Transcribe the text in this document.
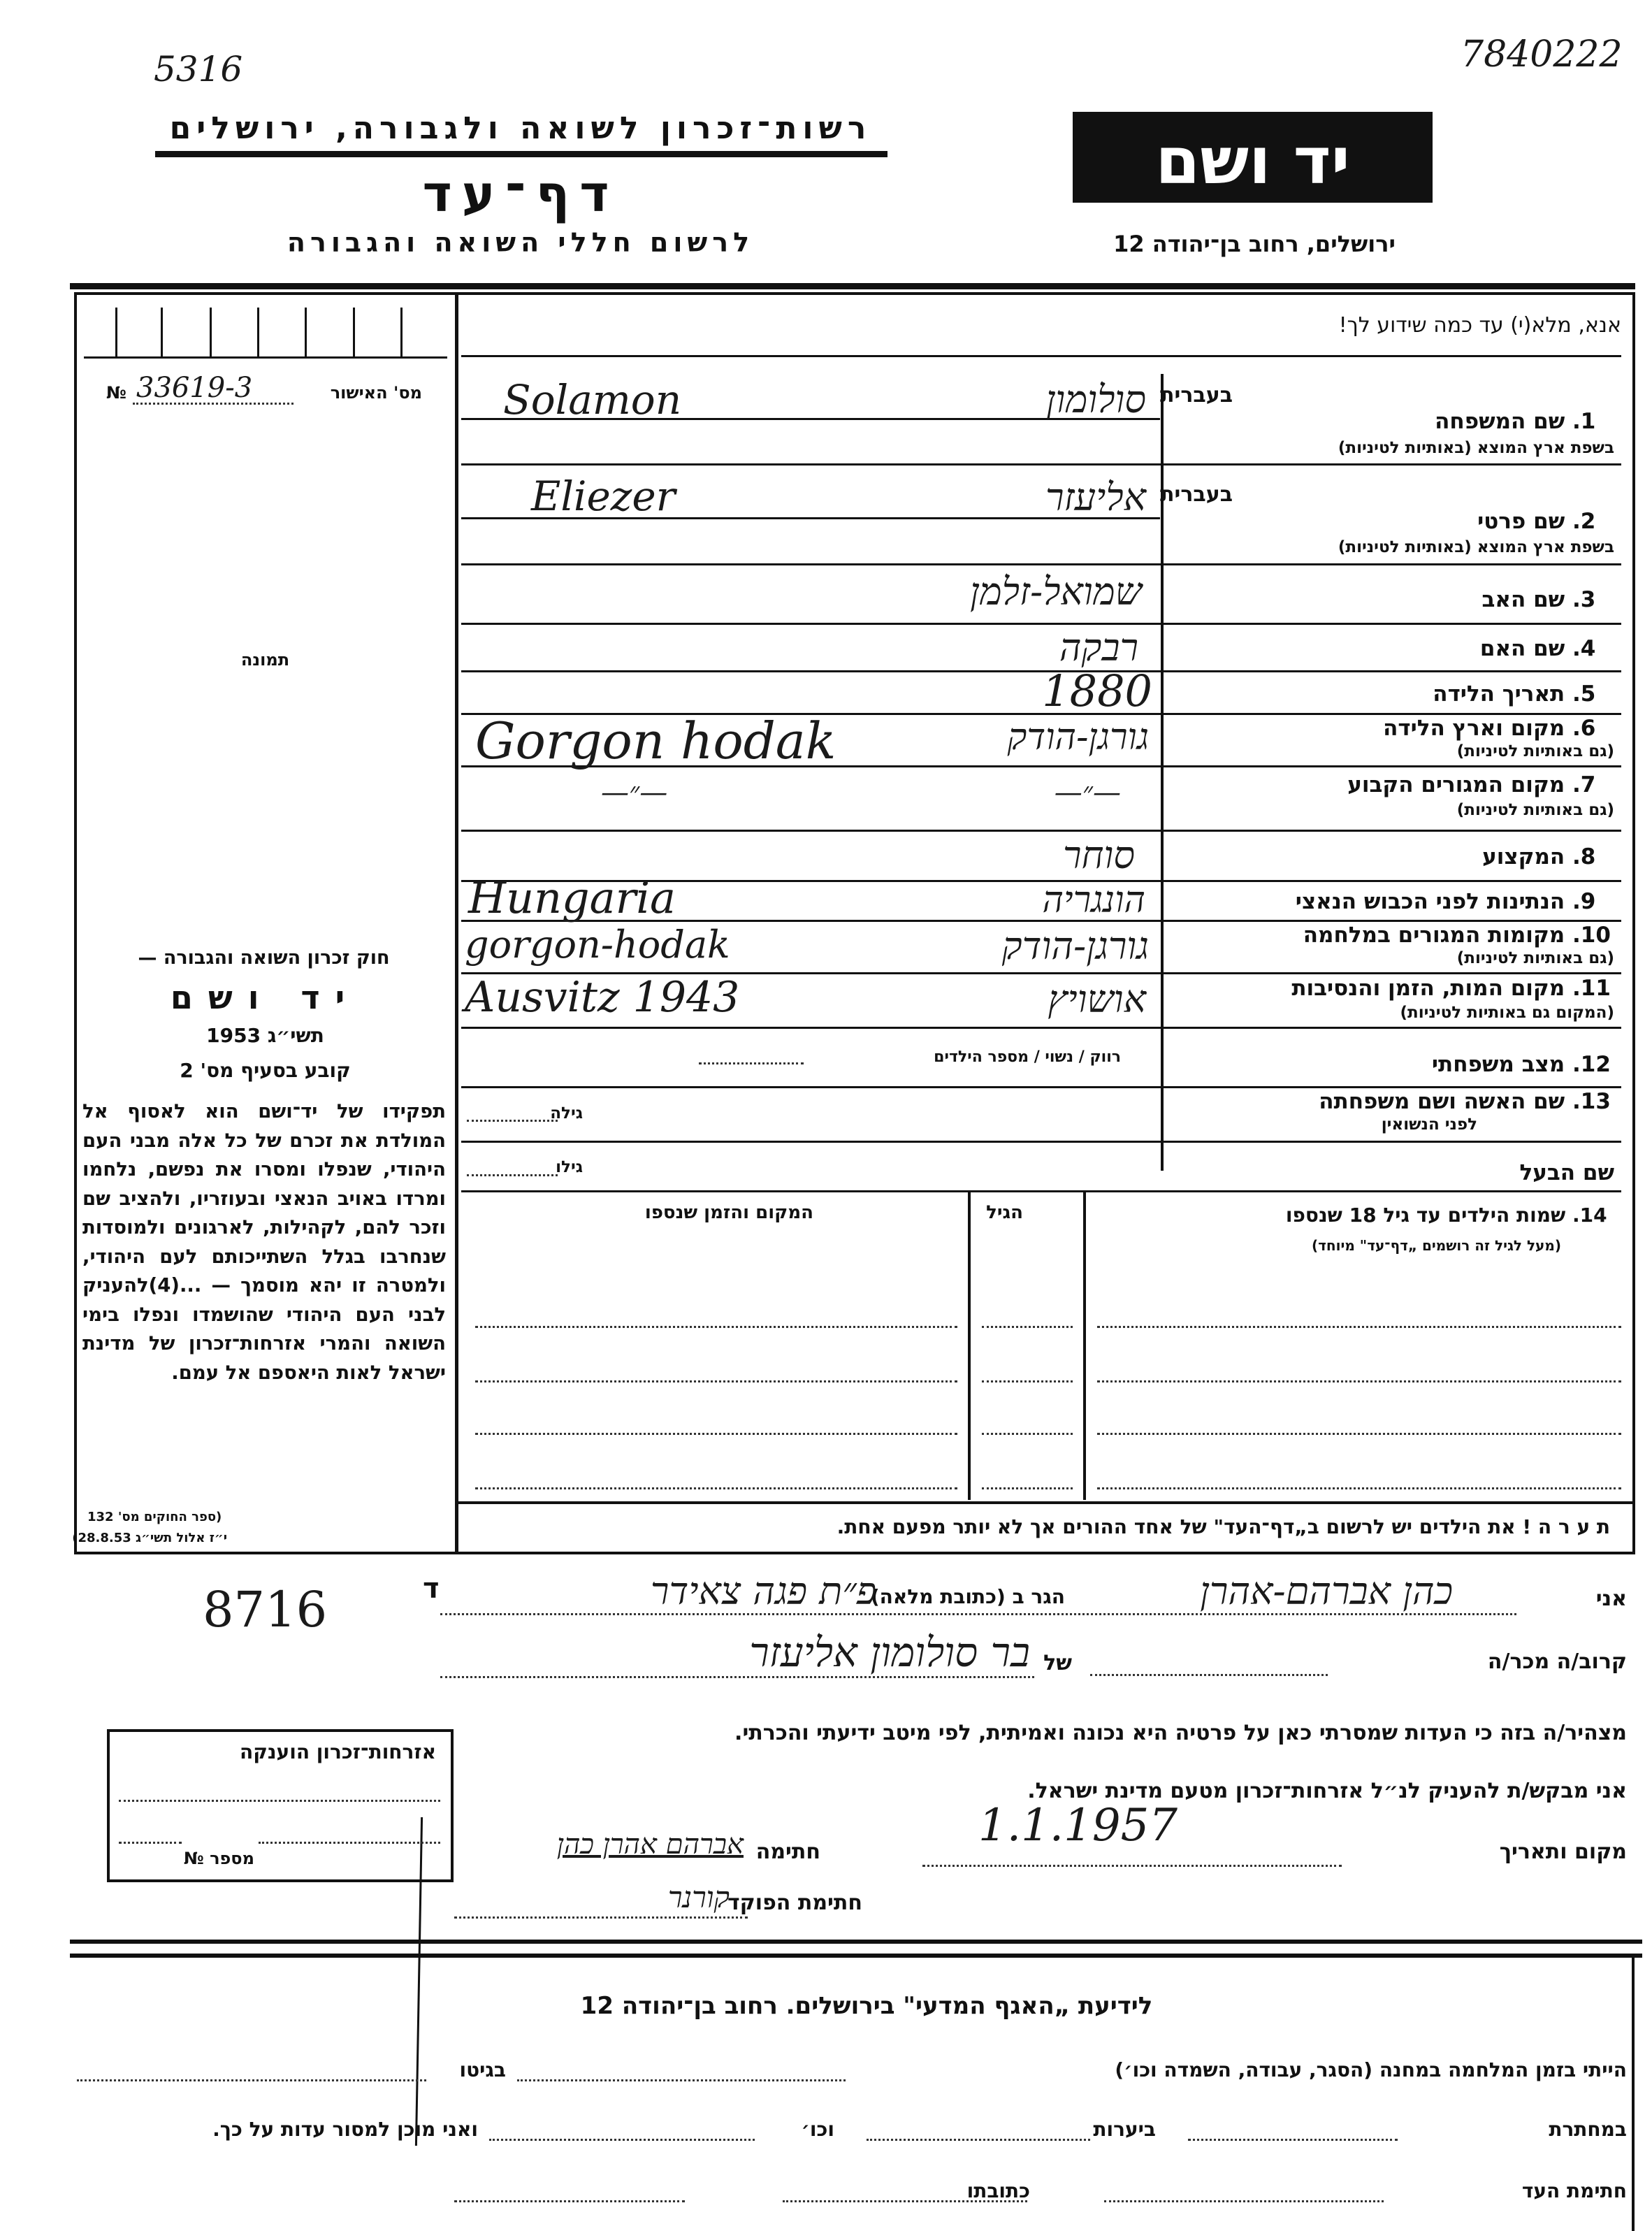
5316	7840222
רשות־זכרון לשואה ולגבורה, ירושלים
דף־עד
לרשום חללי השואה והגבורה
יד ושם
ירושלים, רחוב בן־יהודה 12
מס' האישור
№ 33619-3
תמונה
חוק זכרון השואה והגבורה —
יד ושם
תשי״ג 1953
קובע בסעיף מס' 2
תפקידו של יד־ושם הוא לאסוף אל המולדת את זכרם של כל אלה מבני העם היהודי, שנפלו ומסרו את נפשם, נלחמו ומרדו באויב הנאצי ובעוזריו, ולהציב שם וזכר להם, לקהילות, לארגונים ולמוסדות שנחרבו בגלל השתייכותם לעם היהודי, ולמטרה זו יהא מוסמך — ...(4)להעניק לבני העם היהודי שהושמדו ונפלו בימי השואה והמרי אזרחות־זכרון של מדינת ישראל לאות היאספם אל עמם.
(ספר החוקים מס' 132
י״ז אלול תשי״ג 28.8.53)
אנא, מלא(י) עד כמה שידוע לך!
בעברית
1. שם המשפחה
בשפת ארץ המוצא (באותיות לטיניות)
בעברית
2. שם פרטי
בשפת ארץ המוצא (באותיות לטיניות)
3. שם האב
4. שם האם
5. תאריך הלידה
6. מקום וארץ הלידה
(גם באותיות לטיניות)
7. מקום המגורים הקבוע
(גם באותיות לטיניות)
8. המקצוע
9. הנתינות לפני הכבוש הנאצי
10. מקומות המגורים במלחמה
(גם באותיות לטיניות)
11. מקום המות, הזמן והנסיבות
(המקום גם באותיות לטיניות)
12. מצב משפחתי
13. שם האשה ושם משפחתה
לפני הנשואין
שם הבעל
סולומון
Solamon
אליעזר
Eliezer
שמואל-זלמן
רבקה
1880
גורגן-הודק
Gorgon hodak
—״—
—״—
סוחר
הונגריה
Hungaria
גורגן-הודק
gorgon-hodak
אושויץ
Ausvitz 1943
רווק / נשוי / מספר הילדים
גילה
גילו
14. שמות הילדים עד גיל 18 שנספו
(מעל לגיל זה רושמים „דף־עד" מיוחד)
הגיל
המקום והזמן שנספו
ת ע ר ה ! את הילדים יש לרשום ב„דף־העד" של אחד ההורים אך לא יותר מפעם אחת.
אני
כהן אברהם-אהרן
הגר ב (כתובת מלאה)
פ״ת פגה צאידר
ד
8716
קרוב/ה מכר/ה
של
בר סולומון אליעזר
מצהיר/ה בזה כי העדות שמסרתי כאן על פרטיה היא נכונה ואמיתית, לפי מיטב ידיעתי והכרתי.
אני מבקש/ת להעניק לנ״ל אזרחות־זכרון מטעם מדינת ישראל.
מקום ותאריך
1.1.1957
חתימה
אברהם אהרן כהן
חתימת הפוקד
קורנר
אזרחות־זכרון הוענקה
מספר №
לידיעת „האגף המדעי" בירושלים. רחוב בן־יהודה 12
הייתי בזמן המלחמה במחנה (הסגר, עבודה, השמדה וכו׳)
בגיטו
במחתרת
ביערות
וכו׳
ואני מוכן למסור עדות על כך.
חתימת העד
כתובתו
